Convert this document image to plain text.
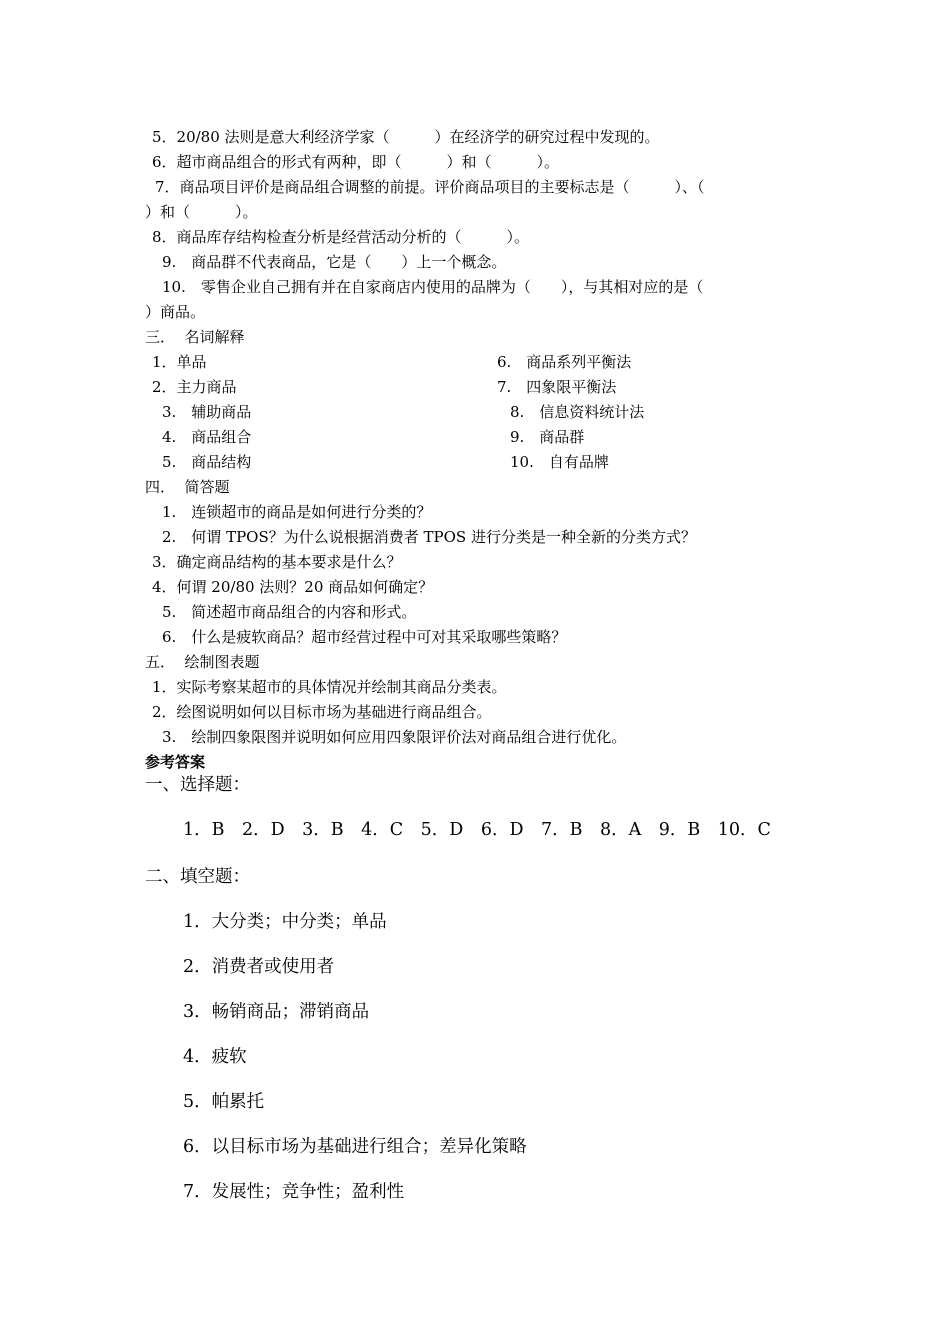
5．20/80 法则是意大利经济学家（　　　）在经济学的研究过程中发现的。
6．超市商品组合的形式有两种，即（　　　）和（　　　）。
7．商品项目评价是商品组合调整的前提。评价商品项目的主要标志是（　　　）、（
）和（　　　）。
8．商品库存结构检查分析是经营活动分析的（　　　）。
9.　商品群不代表商品，它是（　　）上一个概念。
10.　零售企业自己拥有并在自家商店内使用的品牌为（　　），与其相对应的是（
）商品。
三．  名词解释
1．单品
2．主力商品
3.　辅助商品
4.　商品组合
5.　商品结构
6.　商品系列平衡法
7.　四象限平衡法
8.　信息资料统计法
9.　商品群
10.　自有品牌
四．  简答题
1.　连锁超市的商品是如何进行分类的？
2.　何谓 TPOS？为什么说根据消费者 TPOS 进行分类是一种全新的分类方式？
3．确定商品结构的基本要求是什么？
4．何谓 20/80 法则？20 商品如何确定？
5.　简述超市商品组合的内容和形式。
6.　什么是疲软商品？超市经营过程中可对其采取哪些策略？
五．  绘制图表题
1．实际考察某超市的具体情况并绘制其商品分类表。
2．绘图说明如何以目标市场为基础进行商品组合。
3.　绘制四象限图并说明如何应用四象限评价法对商品组合进行优化。
参考答案
一、选择题：
1．B　2．D　3．B　4．C　5．D　6．D　7．B　8．A　9．B　10．C
二、填空题：
1．大分类；中分类；单品
2．消费者或使用者
3．畅销商品；滞销商品
4．疲软
5．帕累托
6．以目标市场为基础进行组合；差异化策略
7．发展性；竞争性；盈利性
